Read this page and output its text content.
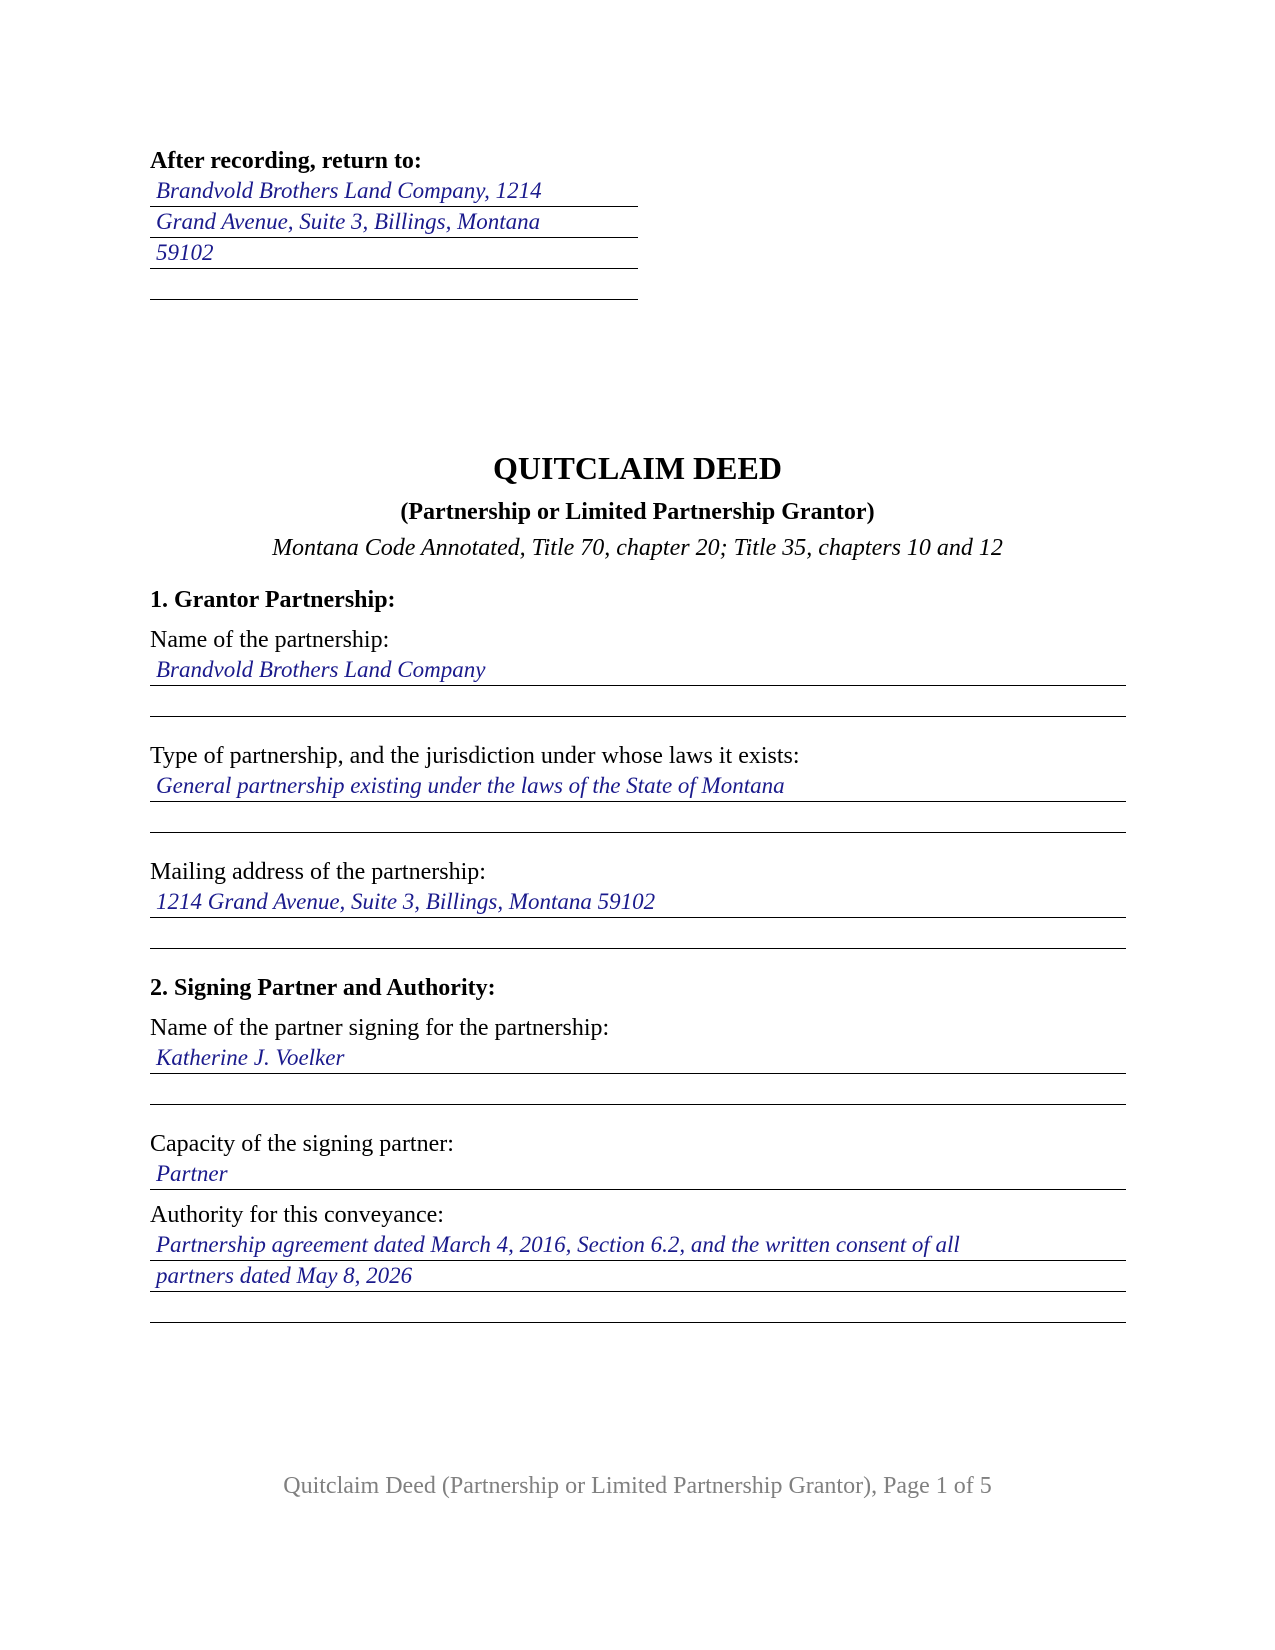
After recording, return to:
Brandvold Brothers Land Company, 1214
Grand Avenue, Suite 3, Billings, Montana
59102
QUITCLAIM DEED
(Partnership or Limited Partnership Grantor)
Montana Code Annotated, Title 70, chapter 20; Title 35, chapters 10 and 12
1. Grantor Partnership:
Name of the partnership:
Brandvold Brothers Land Company
Type of partnership, and the jurisdiction under whose laws it exists:
General partnership existing under the laws of the State of Montana
Mailing address of the partnership:
1214 Grand Avenue, Suite 3, Billings, Montana 59102
2. Signing Partner and Authority:
Name of the partner signing for the partnership:
Katherine J. Voelker
Capacity of the signing partner:
Partner
Authority for this conveyance:
Partnership agreement dated March 4, 2016, Section 6.2, and the written consent of all
partners dated May 8, 2026
Quitclaim Deed (Partnership or Limited Partnership Grantor), Page 1 of 5
